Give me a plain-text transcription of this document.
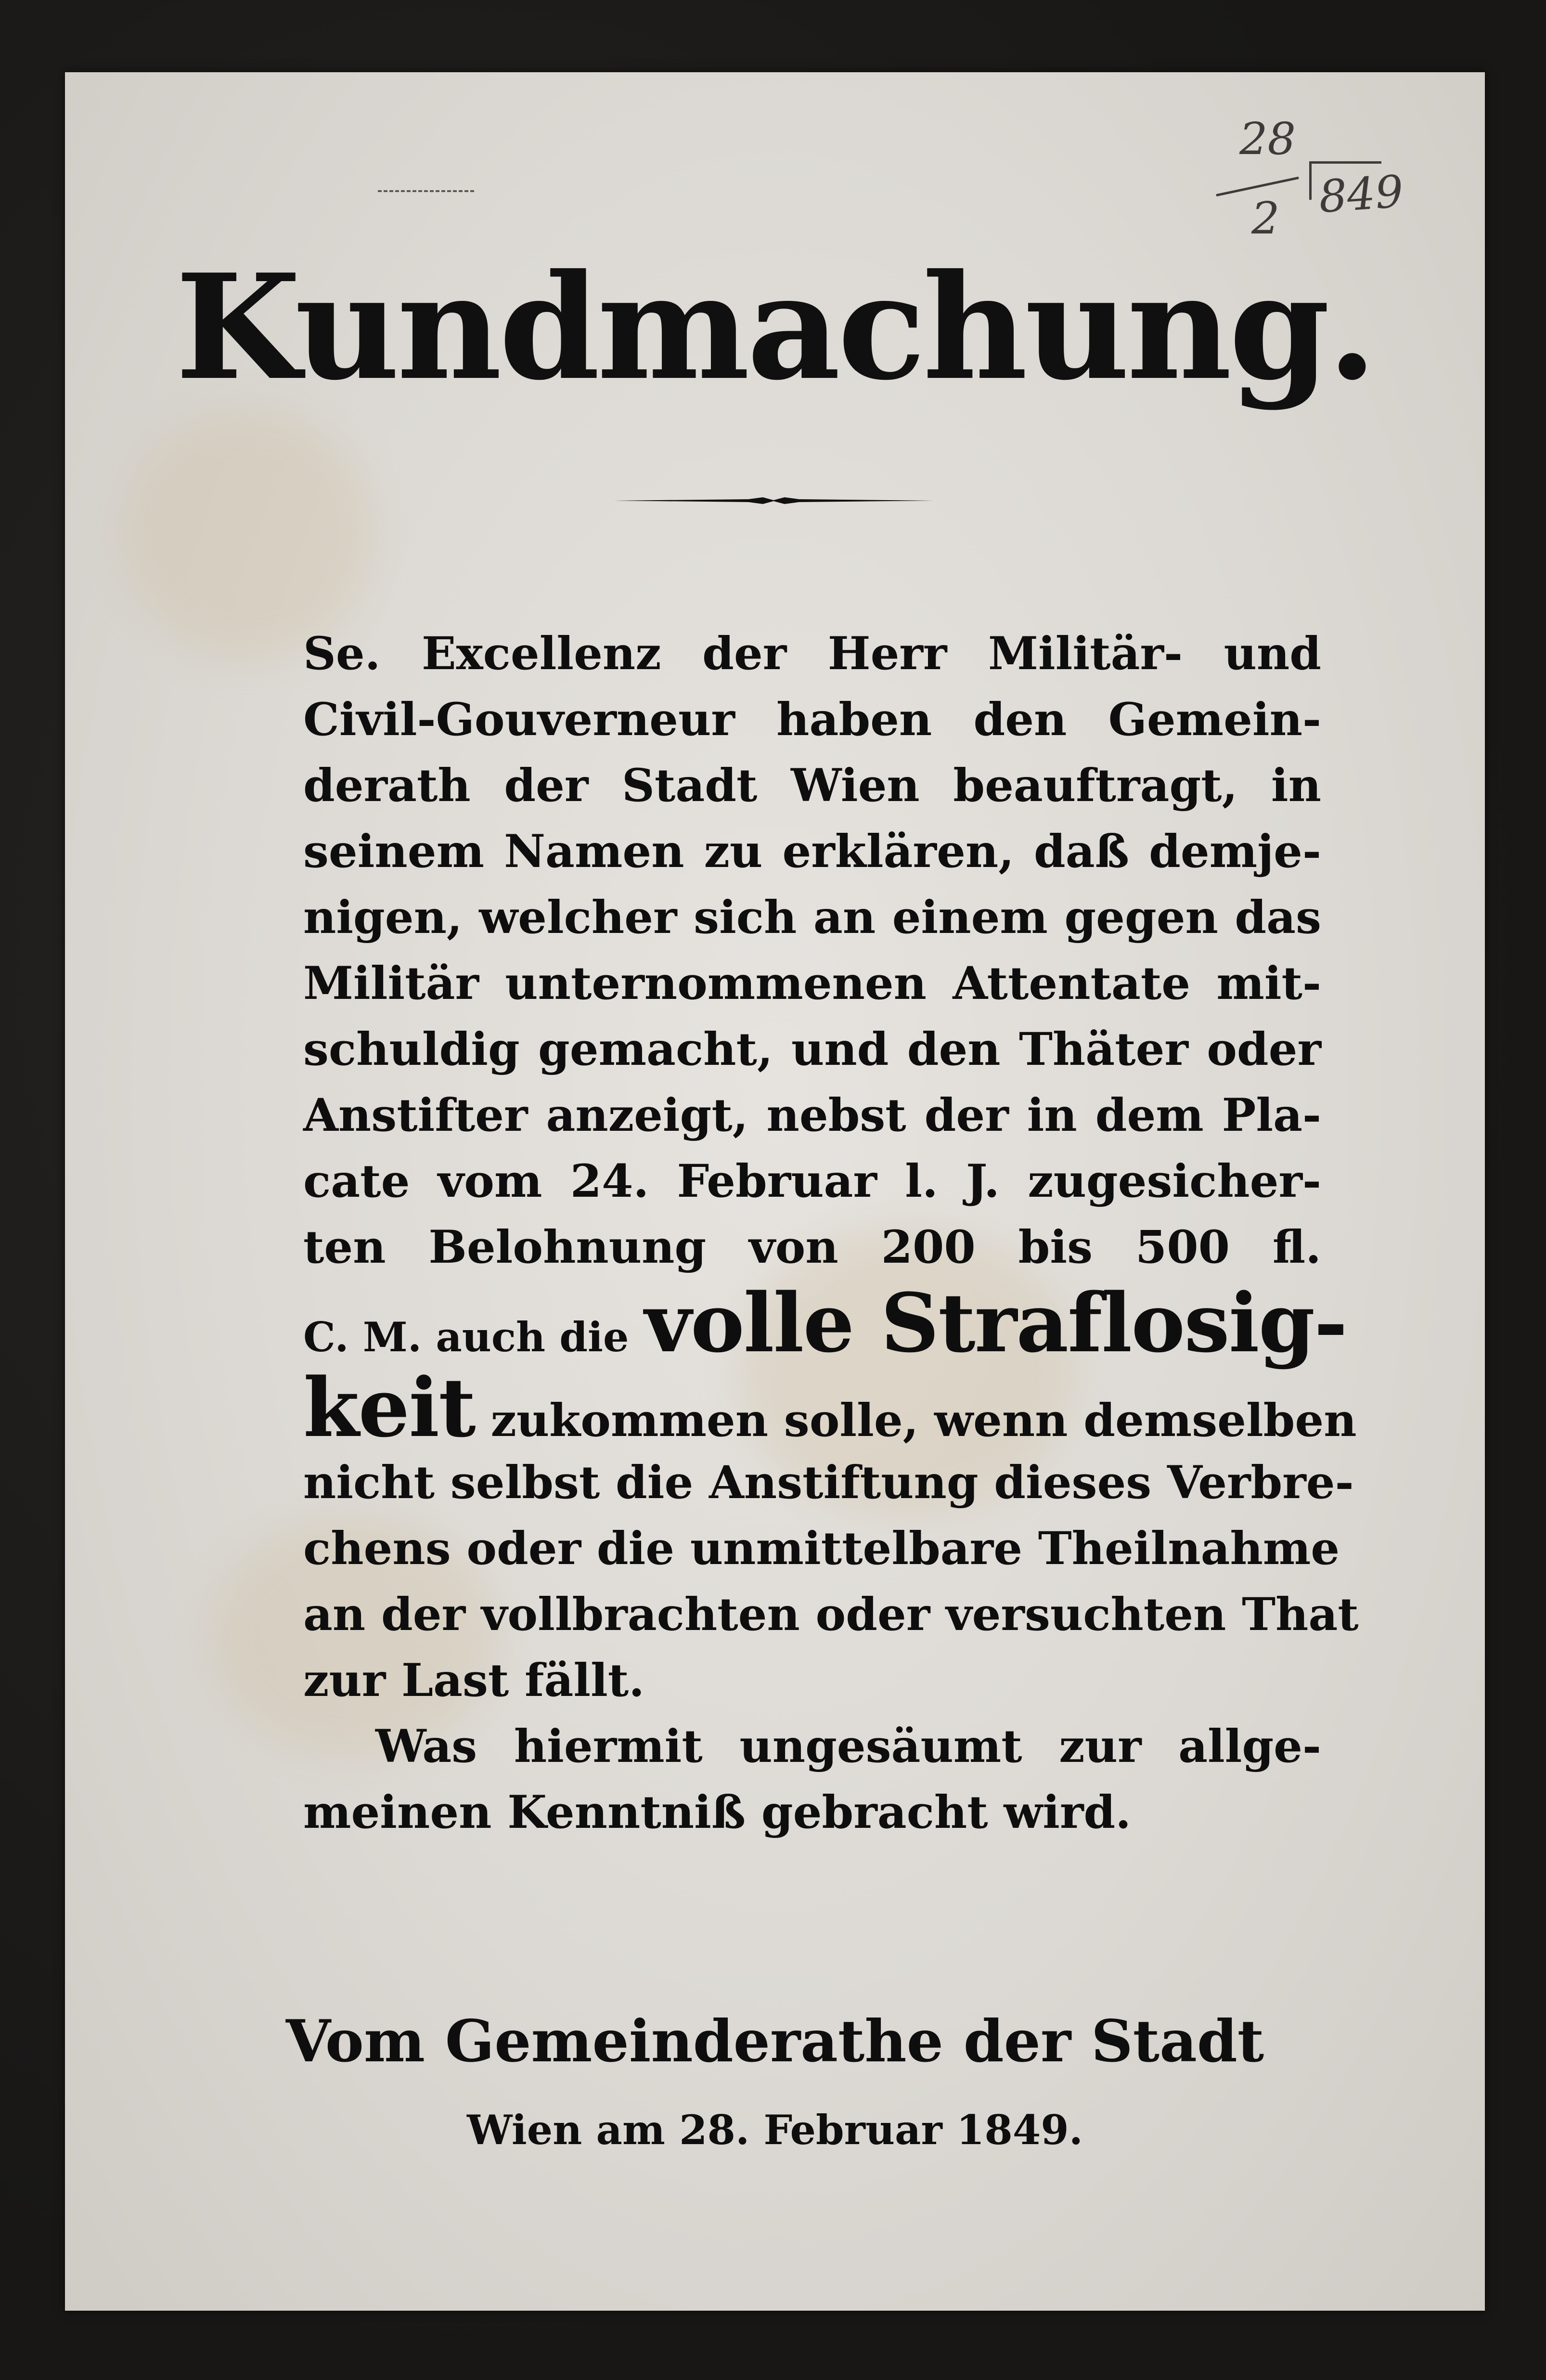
28
2 849
Kundmachung.
Se. Excellenz der Herr Militär- und
Civil-Gouverneur haben den Gemein-
derath der Stadt Wien beauftragt, in
seinem Namen zu erklären, daß demje-
nigen, welcher sich an einem gegen das
Militär unternommenen Attentate mit-
schuldig gemacht, und den Thäter oder
Anstifter anzeigt, nebst der in dem Pla-
cate vom 24. Februar l. J. zugesicher-
ten Belohnung von 200 bis 500 fl.
C. M. auch die volle Straflosig-
keit zukommen solle, wenn demselben
nicht selbst die Anstiftung dieses Verbre-
chens oder die unmittelbare Theilnahme
an der vollbrachten oder versuchten That
zur Last fällt.
Was hiermit ungesäumt zur allge-
meinen Kenntniß gebracht wird.
Vom Gemeinderathe der Stadt
Wien am 28. Februar 1849.
